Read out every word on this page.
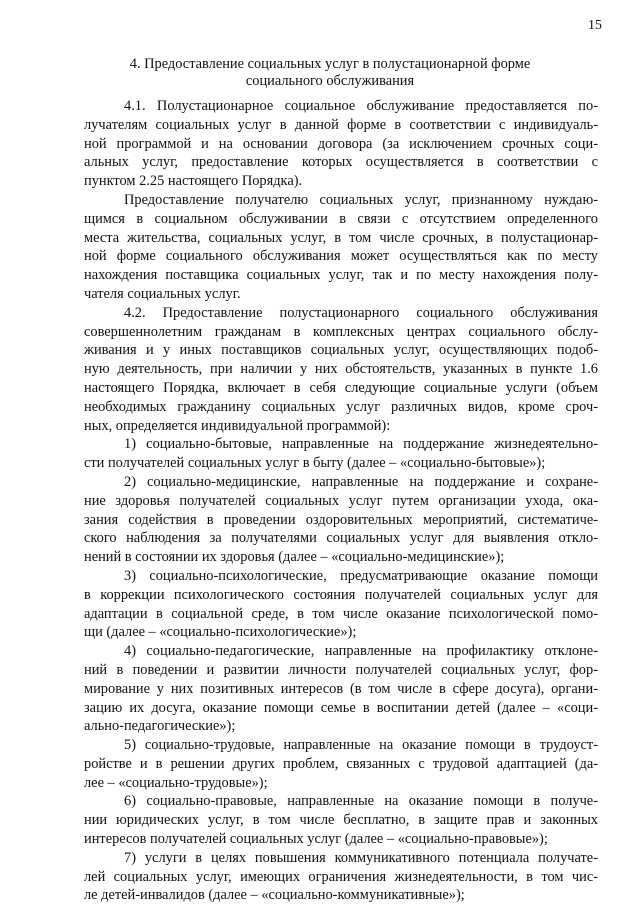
15
4. Предоставление социальных услуг в полустационарной форме
социального обслуживания
4.1. Полустационарное социальное обслуживание предоставляется по-
лучателям социальных услуг в данной форме в соответствии с индивидуаль-
ной программой и на основании договора (за исключением срочных соци-
альных услуг, предоставление которых осуществляется в соответствии с
пунктом 2.25 настоящего Порядка).
Предоставление получателю социальных услуг, признанному нуждаю-
щимся в социальном обслуживании в связи с отсутствием определенного
места жительства, социальных услуг, в том числе срочных, в полустационар-
ной форме социального обслуживания может осуществляться как по месту
нахождения поставщика социальных услуг, так и по месту нахождения полу-
чателя социальных услуг.
4.2. Предоставление полустационарного социального обслуживания
совершеннолетним гражданам в комплексных центрах социального обслу-
живания и у иных поставщиков социальных услуг, осуществляющих подоб-
ную деятельность, при наличии у них обстоятельств, указанных в пункте 1.6
настоящего Порядка, включает в себя следующие социальные услуги (объем
необходимых гражданину социальных услуг различных видов, кроме сроч-
ных, определяется индивидуальной программой):
1) социально-бытовые, направленные на поддержание жизнедеятельно-
сти получателей социальных услуг в быту (далее – «социально-бытовые»);
2) социально-медицинские, направленные на поддержание и сохране-
ние здоровья получателей социальных услуг путем организации ухода, ока-
зания содействия в проведении оздоровительных мероприятий, систематиче-
ского наблюдения за получателями социальных услуг для выявления откло-
нений в состоянии их здоровья (далее – «социально-медицинские»);
3) социально-психологические, предусматривающие оказание помощи
в коррекции психологического состояния получателей социальных услуг для
адаптации в социальной среде, в том числе оказание психологической помо-
щи (далее – «социально-психологические»);
4) социально-педагогические, направленные на профилактику отклоне-
ний в поведении и развитии личности получателей социальных услуг, фор-
мирование у них позитивных интересов (в том числе в сфере досуга), органи-
зацию их досуга, оказание помощи семье в воспитании детей (далее – «соци-
ально-педагогические»);
5) социально-трудовые, направленные на оказание помощи в трудоуст-
ройстве и в решении других проблем, связанных с трудовой адаптацией (да-
лее – «социально-трудовые»);
6) социально-правовые, направленные на оказание помощи в получе-
нии юридических услуг, в том числе бесплатно, в защите прав и законных
интересов получателей социальных услуг (далее – «социально-правовые»);
7) услуги в целях повышения коммуникативного потенциала получате-
лей социальных услуг, имеющих ограничения жизнедеятельности, в том чис-
ле детей-инвалидов (далее – «социально-коммуникативные»);
